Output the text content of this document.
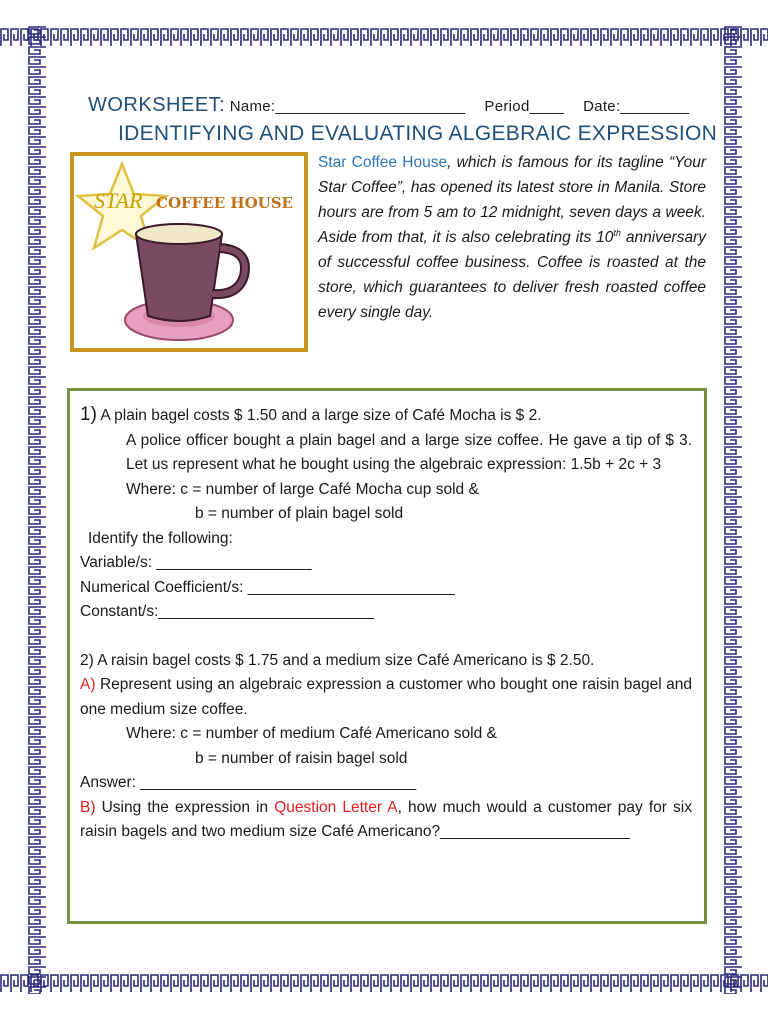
WORKSHEET: Name:______________________ Period____ Date:________
IDENTIFYING AND EVALUATING ALGEBRAIC EXPRESSION
STAR COFFEE HOUSE
Star Coffee House, which is famous for its tagline “Your Star Coffee”, has opened its latest store in Manila. Store hours are from 5 am to 12 midnight, seven days a week. Aside from that, it is also celebrating its 10th anniversary of successful coffee business. Coffee is roasted at the store, which guarantees to deliver fresh roasted coffee every single day.

1) A plain bagel costs $ 1.50 and a large size of Café Mocha is $ 2.

A police officer bought a plain bagel and a large size coffee. He gave a tip of $ 3. Let us represent what he bought using the algebraic expression: 1.5b + 2c + 3

Where: c = number of large Café Mocha cup sold &

b = number of plain bagel sold

Identify the following:

Variable/s: __________________

Numerical Coefficient/s: ________________________

Constant/s:_________________________

2) A raisin bagel costs $ 1.75 and a medium size Café Americano is $ 2.50.

A) Represent using an algebraic expression a customer who bought one raisin bagel and one medium size coffee.

Where: c = number of medium Café Americano sold &

b = number of raisin bagel sold

Answer: ________________________________

B) Using the expression in Question Letter A, how much would a customer pay for six raisin bagels and two medium size Café Americano?______________________
